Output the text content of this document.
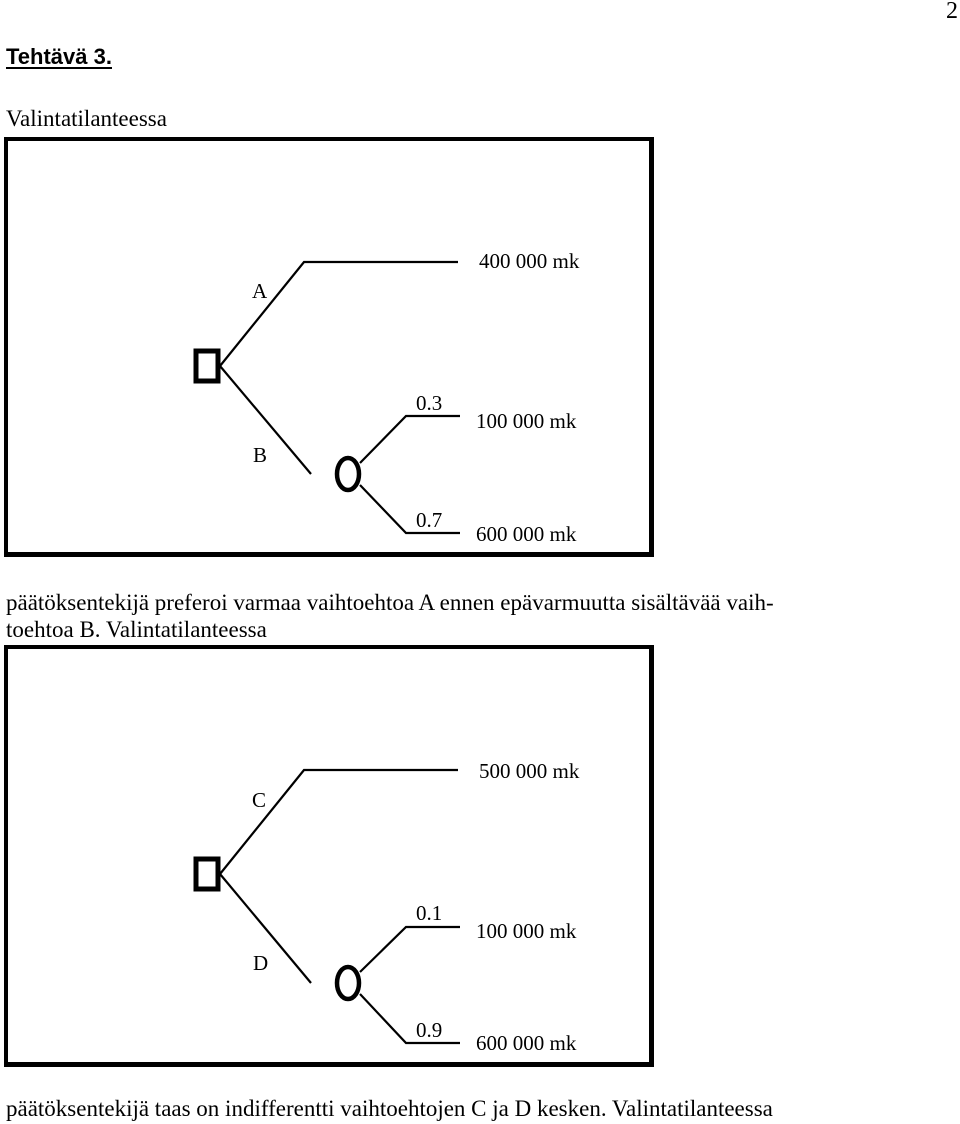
2
Tehtävä 3.
Valintatilanteessa
A
B
400 000 mk
0.3
100 000 mk
0.7
600 000 mk
päätöksentekijä preferoi varmaa vaihtoehtoa A ennen epävarmuutta sisältävää vaih-
toehtoa B. Valintatilanteessa
C
D
500 000 mk
0.1
100 000 mk
0.9
600 000 mk
päätöksentekijä taas on indifferentti vaihtoehtojen C ja D kesken. Valintatilanteessa
